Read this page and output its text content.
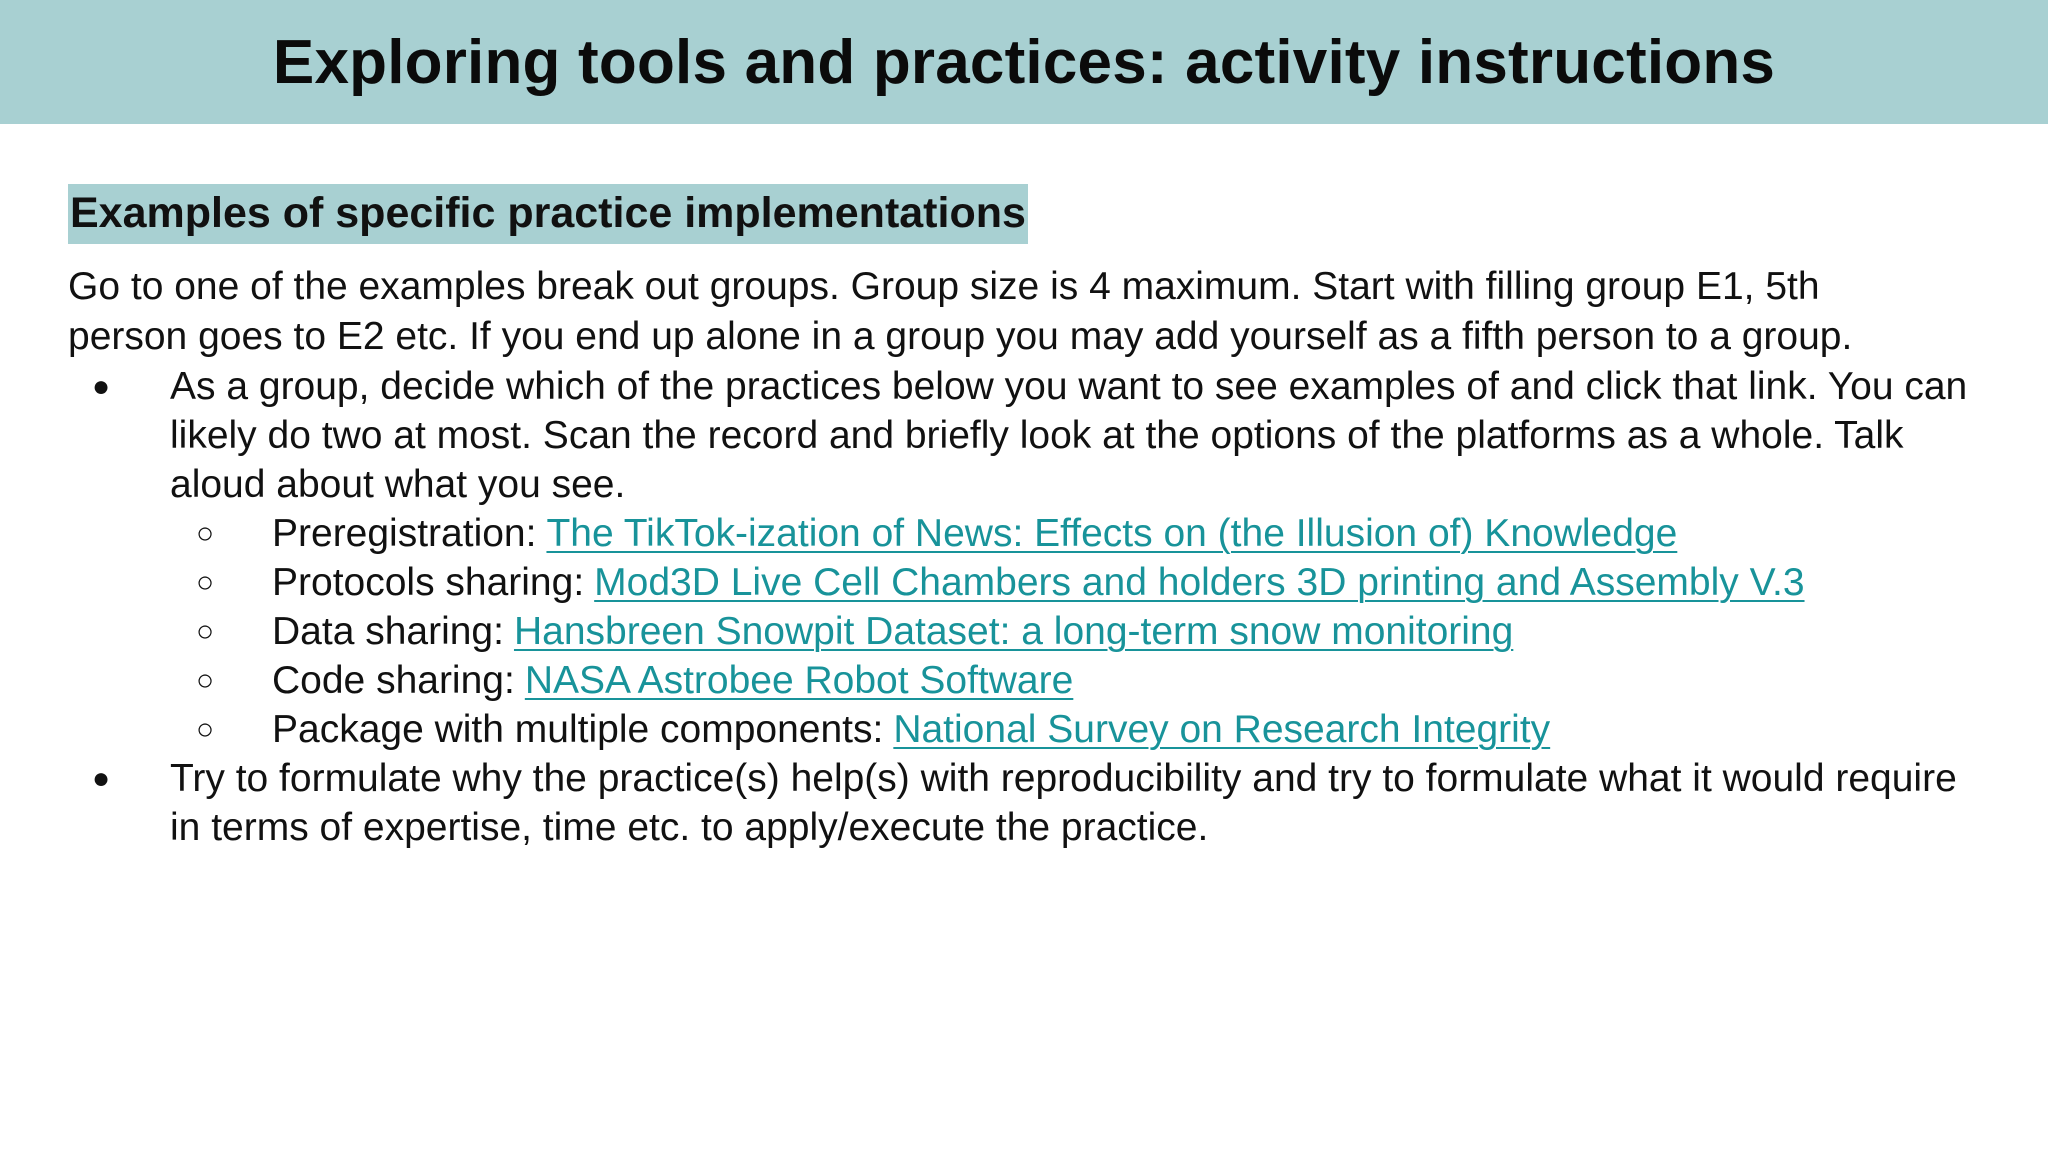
Exploring tools and practices: activity instructions
Examples of specific practice implementations

Go to one of the examples break out groups. Group size is 4 maximum. Start with filling group E1, 5th person goes to E2 etc. If you end up alone in a group you may add yourself as a fifth person to a group.

● As a group, decide which of the practices below you want to see examples of and click that link. You can likely do two at most. Scan the record and briefly look at the options of the platforms as a whole. Talk aloud about what you see.
○ Preregistration: The TikTok-ization of News: Effects on (the Illusion of) Knowledge
○ Protocols sharing: Mod3D Live Cell Chambers and holders 3D printing and Assembly V.3
○ Data sharing: Hansbreen Snowpit Dataset: a long-term snow monitoring
○ Code sharing: NASA Astrobee Robot Software
○ Package with multiple components: National Survey on Research Integrity
● Try to formulate why the practice(s) help(s) with reproducibility and try to formulate what it would require in terms of expertise, time etc. to apply/execute the practice.
